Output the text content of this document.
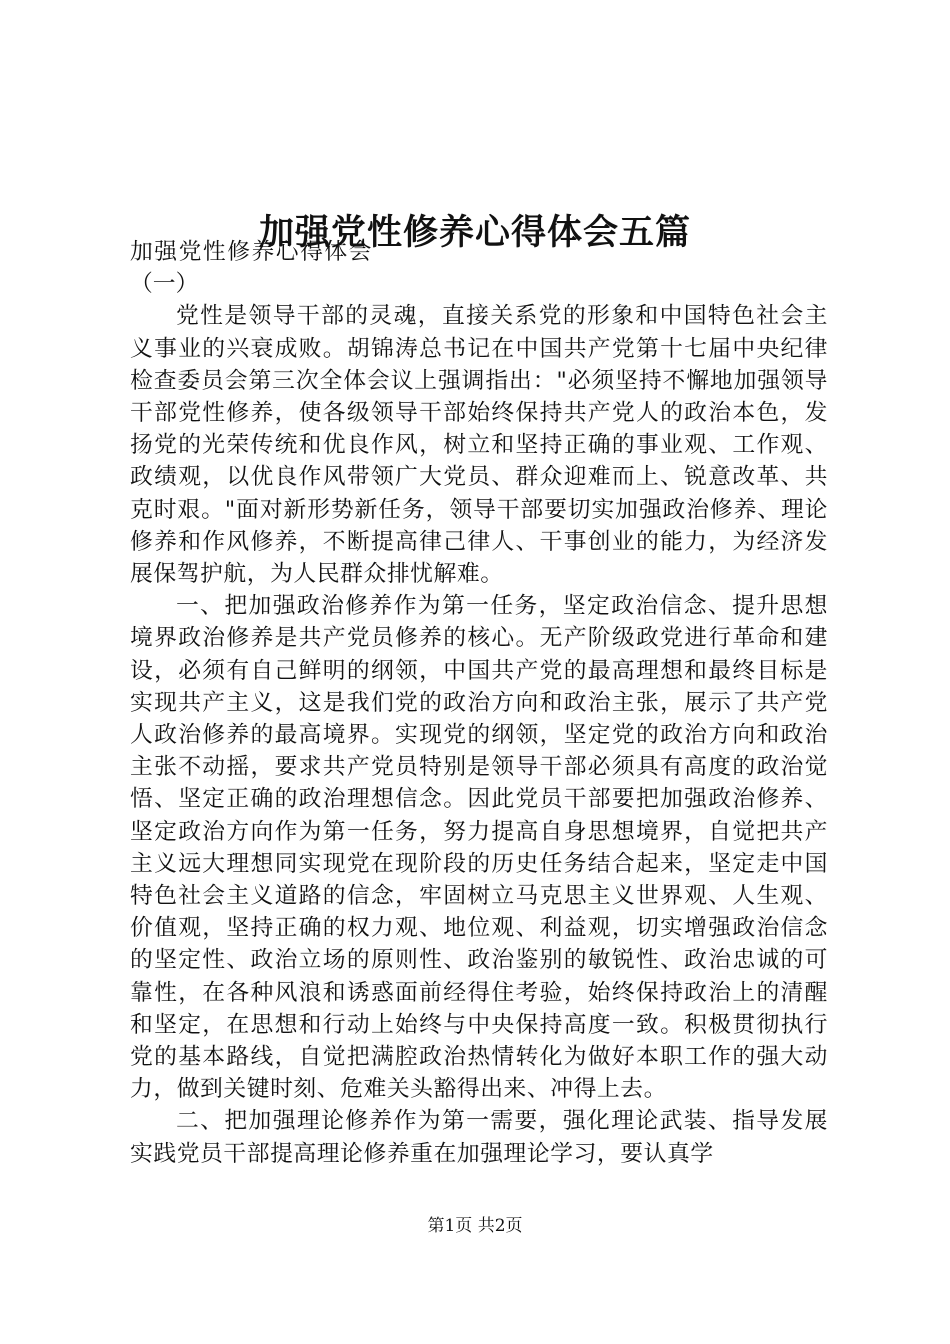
加强党性修养心得体会五篇

加强党性修养心得体会

（一）

党性是领导干部的灵魂，直接关系党的形象和中国特色社会主义事业的兴衰成败。胡锦涛总书记在中国共产党第十七届中央纪律检查委员会第三次全体会议上强调指出："必须坚持不懈地加强领导干部党性修养，使各级领导干部始终保持共产党人的政治本色，发扬党的光荣传统和优良作风，树立和坚持正确的事业观、工作观、政绩观，以优良作风带领广大党员、群众迎难而上、锐意改革、共克时艰。"面对新形势新任务，领导干部要切实加强政治修养、理论修养和作风修养，不断提高律己律人、干事创业的能力，为经济发展保驾护航，为人民群众排忧解难。

一、把加强政治修养作为第一任务，坚定政治信念、提升思想境界政治修养是共产党员修养的核心。无产阶级政党进行革命和建设，必须有自己鲜明的纲领，中国共产党的最高理想和最终目标是实现共产主义，这是我们党的政治方向和政治主张，展示了共产党人政治修养的最高境界。实现党的纲领，坚定党的政治方向和政治主张不动摇，要求共产党员特别是领导干部必须具有高度的政治觉悟、坚定正确的政治理想信念。因此党员干部要把加强政治修养、坚定政治方向作为第一任务，努力提高自身思想境界，自觉把共产主义远大理想同实现党在现阶段的历史任务结合起来，坚定走中国特色社会主义道路的信念，牢固树立马克思主义世界观、人生观、价值观，坚持正确的权力观、地位观、利益观，切实增强政治信念的坚定性、政治立场的原则性、政治鉴别的敏锐性、政治忠诚的可靠性，在各种风浪和诱惑面前经得住考验，始终保持政治上的清醒和坚定，在思想和行动上始终与中央保持高度一致。积极贯彻执行党的基本路线，自觉把满腔政治热情转化为做好本职工作的强大动力，做到关键时刻、危难关头豁得出来、冲得上去。

二、把加强理论修养作为第一需要，强化理论武装、指导发展实践党员干部提高理论修养重在加强理论学习，要认真学

第1页 共2页
